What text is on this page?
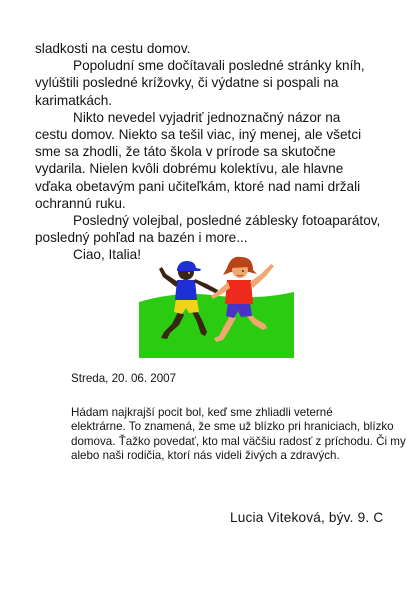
sladkosti na cestu domov.

Popoludní sme dočítavali posledné stránky kníh,

vylúštili posledné krížovky, či výdatne si pospali na

karimatkách.

Nikto nevedel vyjadriť jednoznačný názor na

cestu domov. Niekto sa tešil viac, iný menej, ale všetci

sme sa zhodli, že táto škola v prírode sa skutočne

vydarila. Nielen kvôli dobrému kolektívu, ale hlavne

vďaka obetavým pani učiteľkám, ktoré nad nami držali

ochrannú ruku.

Posledný volejbal, posledné záblesky fotoaparátov,

posledný pohľad na bazén i more...

Ciao, Italia!

Streda, 20. 06. 2007

Hádam najkrajší pocit bol, keď sme zhliadli veterné

elektrárne. To znamená, že sme už blízko pri hraniciach, blízko

domova. Ťažko povedať, kto mal väčšiu radosť z príchodu. Či my

alebo naši rodičia, ktorí nás videli živých a zdravých.

Lucia Viteková, býv. 9. C
